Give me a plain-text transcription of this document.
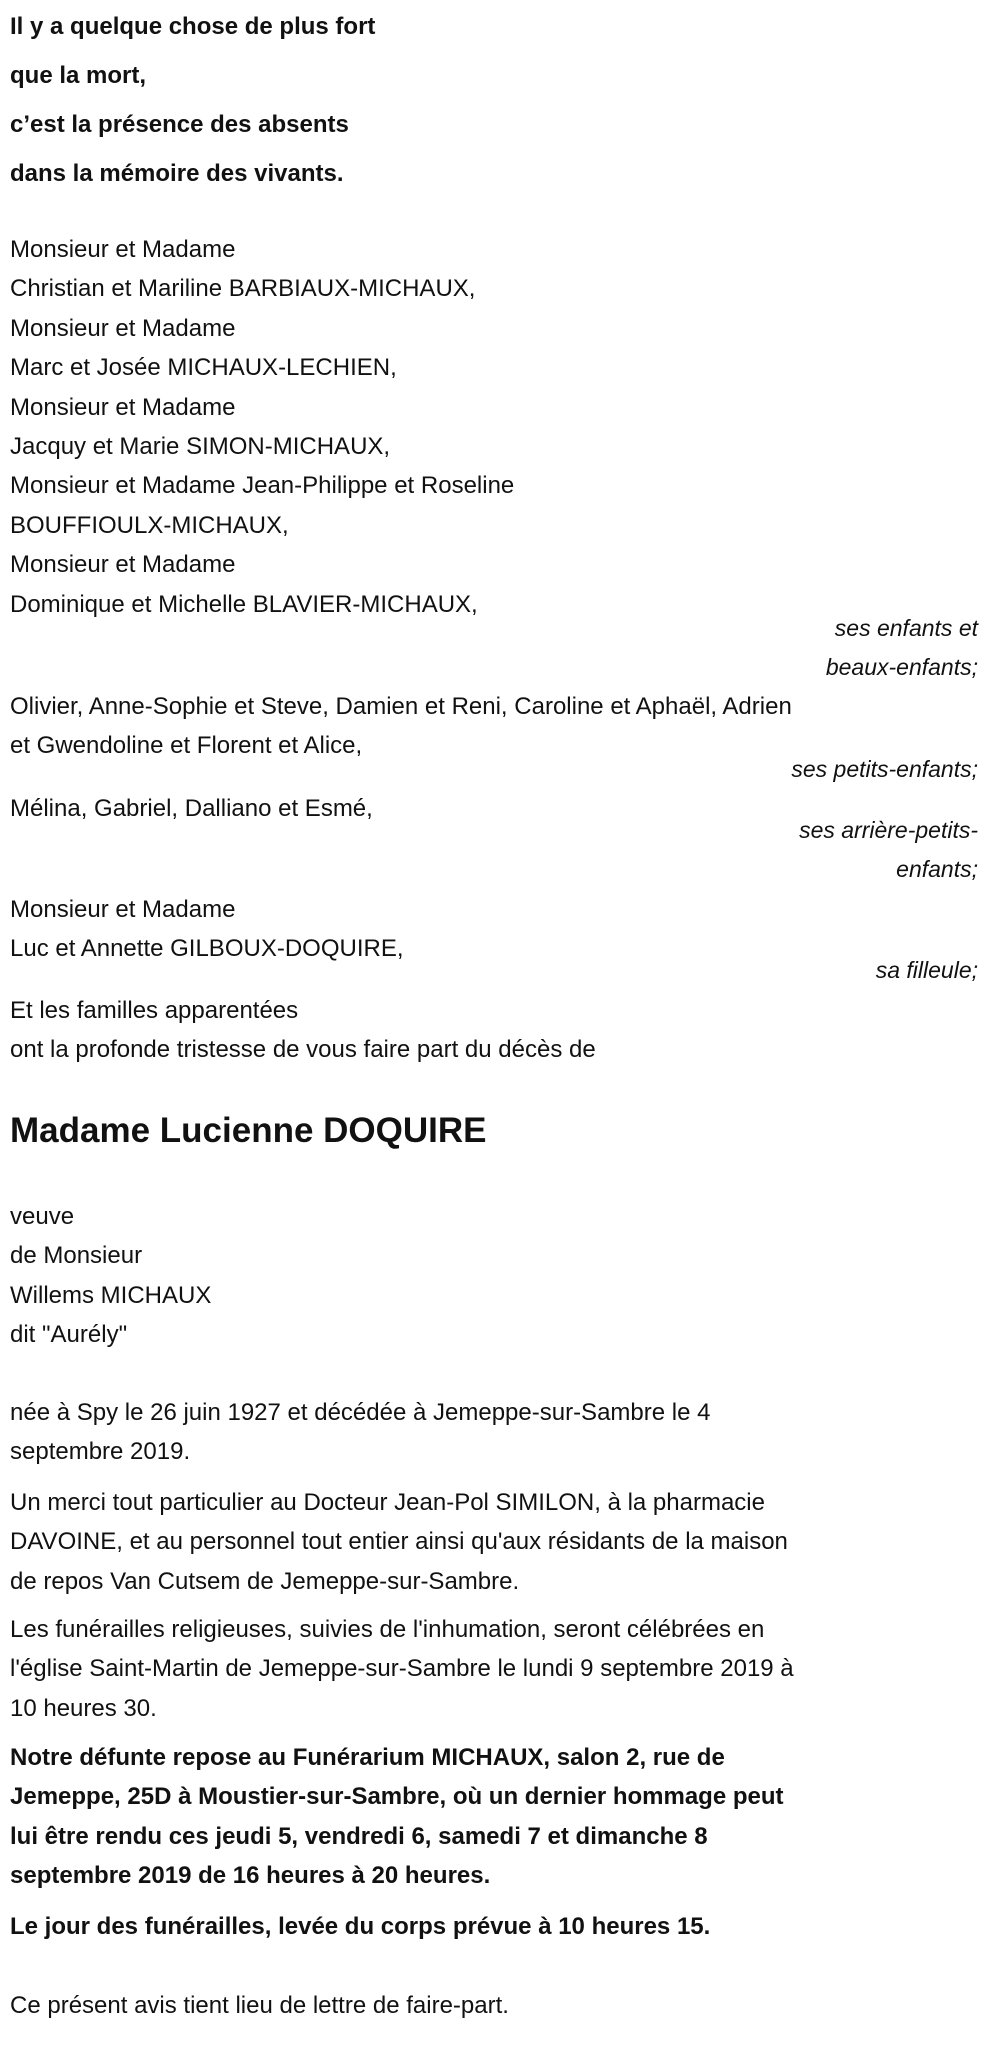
Il y a quelque chose de plus fort
que la mort,
c’est la présence des absents
dans la mémoire des vivants.
Monsieur et Madame
Christian et Mariline BARBIAUX-MICHAUX,
Monsieur et Madame
Marc et Josée MICHAUX-LECHIEN,
Monsieur et Madame
Jacquy et Marie SIMON-MICHAUX,
Monsieur et Madame Jean-Philippe et Roseline
BOUFFIOULX-MICHAUX,
Monsieur et Madame
Dominique et Michelle BLAVIER-MICHAUX,
ses enfants et
beaux-enfants;
Olivier, Anne-Sophie et Steve, Damien et Reni, Caroline et Aphaël, Adrien
et Gwendoline et Florent et Alice,
ses petits-enfants;
Mélina, Gabriel, Dalliano et Esmé,
ses arrière-petits-
enfants;
Monsieur et Madame
Luc et Annette GILBOUX-DOQUIRE,
sa filleule;
Et les familles apparentées
ont la profonde tristesse de vous faire part du décès de
Madame Lucienne DOQUIRE
veuve
de Monsieur
Willems MICHAUX
dit "Aurély"
née à Spy le 26 juin 1927 et décédée à Jemeppe-sur-Sambre le 4
septembre 2019.
Un merci tout particulier au Docteur Jean-Pol SIMILON, à la pharmacie
DAVOINE, et au personnel tout entier ainsi qu'aux résidants de la maison
de repos Van Cutsem de Jemeppe-sur-Sambre.
Les funérailles religieuses, suivies de l'inhumation, seront célébrées en
l'église Saint-Martin de Jemeppe-sur-Sambre le lundi 9 septembre 2019 à
10 heures 30.
Notre défunte repose au Funérarium MICHAUX, salon 2, rue de
Jemeppe, 25D à Moustier-sur-Sambre, où un dernier hommage peut
lui être rendu ces jeudi 5, vendredi 6, samedi 7 et dimanche 8
septembre 2019 de 16 heures à 20 heures.
Le jour des funérailles, levée du corps prévue à 10 heures 15.
Ce présent avis tient lieu de lettre de faire-part.
